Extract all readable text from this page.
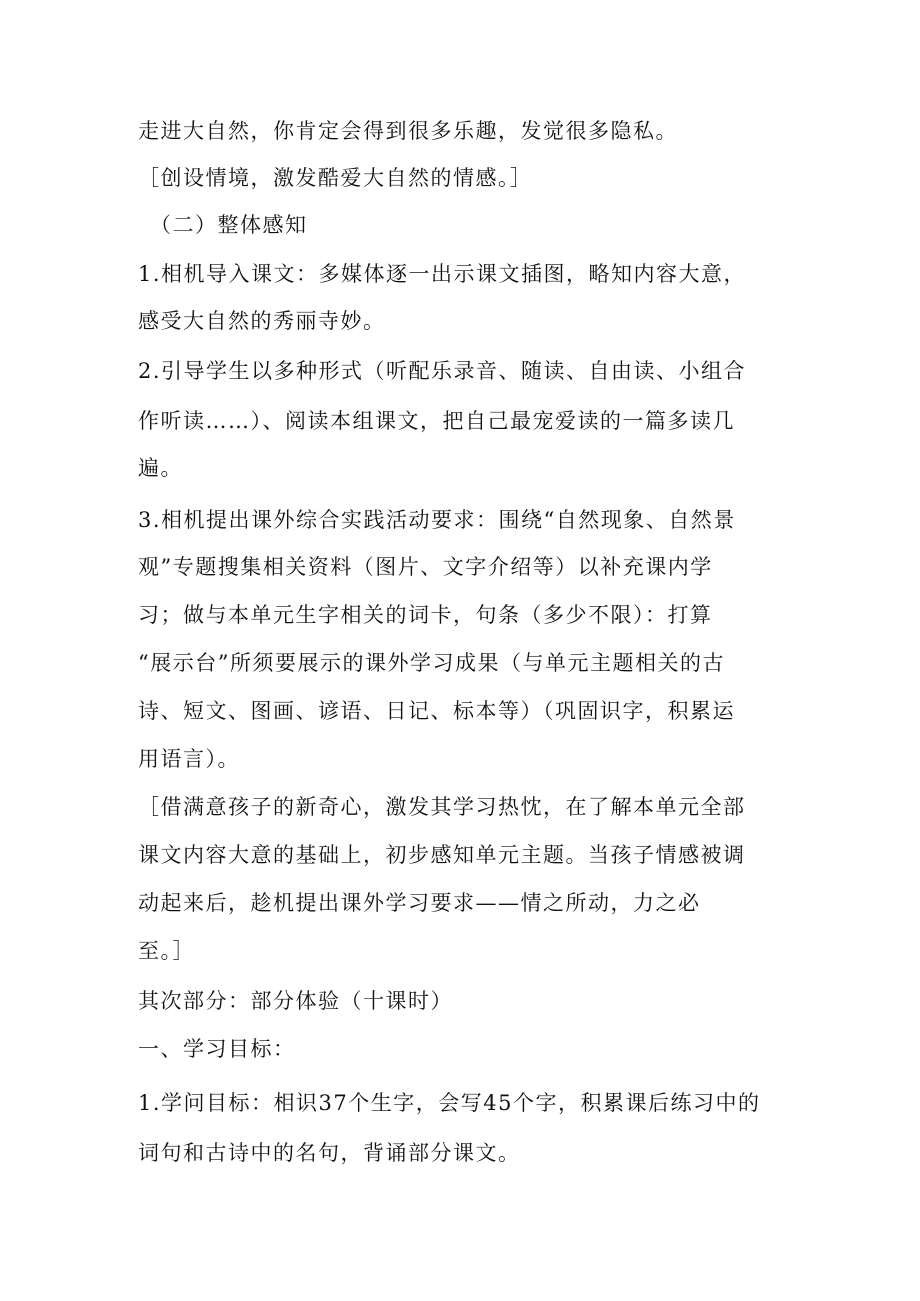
走进大自然，你肯定会得到很多乐趣，发觉很多隐私。

［创设情境，激发酷爱大自然的情感。］

（二）整体感知

1.相机导入课文：多媒体逐一出示课文插图，略知内容大意，

感受大自然的秀丽寺妙。

2.引导学生以多种形式（听配乐录音、随读、自由读、小组合

作听读……）、阅读本组课文，把自己最宠爱读的一篇多读几

遍。

3.相机提出课外综合实践活动要求：围绕“自然现象、自然景

观”专题搜集相关资料（图片、文字介绍等）以补充课内学

习；做与本单元生字相关的词卡，句条（多少不限）：打算

“展示台”所须要展示的课外学习成果（与单元主题相关的古

诗、短文、图画、谚语、日记、标本等）（巩固识字，积累运

用语言）。

［借满意孩子的新奇心，激发其学习热忱，在了解本单元全部

课文内容大意的基础上，初步感知单元主题。当孩子情感被调

动起来后，趁机提出课外学习要求——情之所动，力之必

至。］

其次部分：部分体验（十课时）

一、学习目标：

1.学问目标：相识37个生字，会写45个字，积累课后练习中的

词句和古诗中的名句，背诵部分课文。
